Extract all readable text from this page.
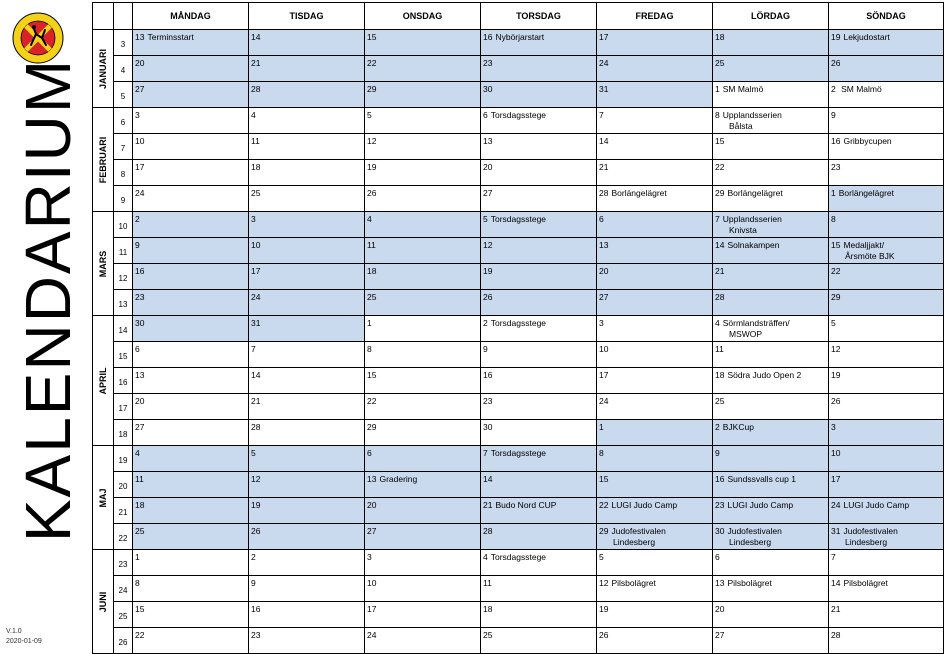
KALENDARIUM
V.1.0
2020-01-09
		MÅNDAG	TISDAG	ONSDAG	TORSDAG	FREDAG	LÖRDAG	SÖNDAG

JANUARI	3	13 Terminsstart	14	15	16 Nybörjarstart	17	18	19 Lekjudostart

	4	20	21	22	23	24	25	26

	5	27	28	29	30	31	1 SM Malmö	2 SM Malmö

FEBRUARI	6	3	4	5	6 Torsdagsstege	7	8 Upplandsserien
Bålsta	9

	7	10	11	12	13	14	15	16 Gribbycupen

	8	17	18	19	20	21	22	23

	9	24	25	26	27	28 Borlängelägret	29 Borlängelägret	1 Borlängelägret

MARS	10	2	3	4	5 Torsdagsstege	6	7 Upplandsserien
Knivsta	8

	11	9	10	11	12	13	14 Solnakampen	15 Medaljjakt/
Årsmöte BJK

	12	16	17	18	19	20	21	22

	13	23	24	25	26	27	28	29

APRIL	14	30	31	1	2 Torsdagsstege	3	4 Sörmlandsträffen/
MSWOP	5

	15	6	7	8	9	10	11	12

	16	13	14	15	16	17	18 Södra Judo Open 2	19

	17	20	21	22	23	24	25	26

	18	27	28	29	30	1	2 BJKCup	3

MAJ	19	4	5	6	7 Torsdagsstege	8	9	10

	20	11	12	13 Gradering	14	15	16 Sundssvalls cup 1	17

	21	18	19	20	21 Budo Nord CUP	22 LUGI Judo Camp	23 LUGI Judo Camp	24 LUGI Judo Camp

	22	25	26	27	28	29 Judofestivalen
Lindesberg	30 Judofestivalen
Lindesberg	31 Judofestivalen
Lindesberg

JUNI	23	1	2	3	4 Torsdagsstege	5	6	7

	24	8	9	10	11	12 Pilsbolägret	13 Pilsbolägret	14 Pilsbolägret

	25	15	16	17	18	19	20	21

	26	22	23	24	25	26	27	28
